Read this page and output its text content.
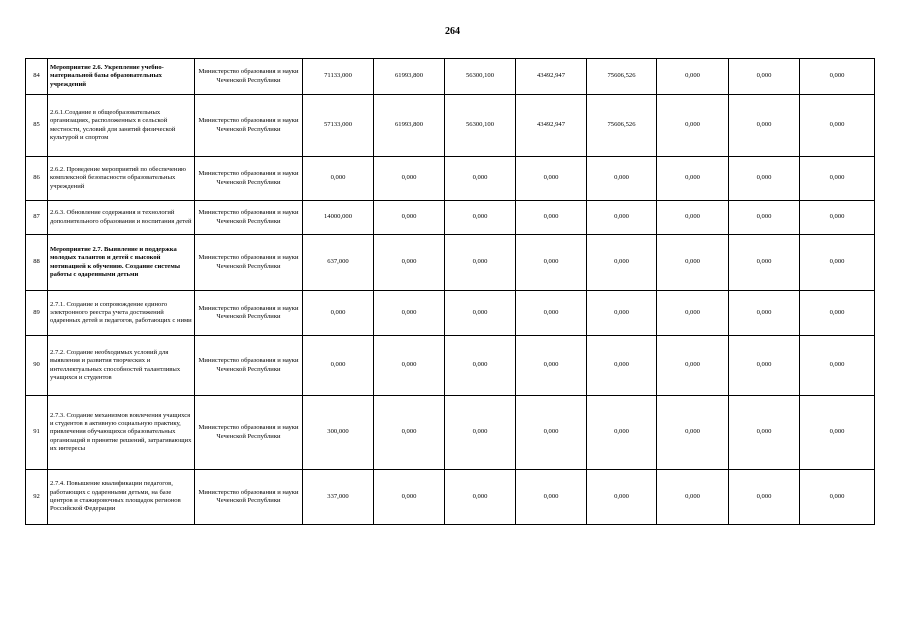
264
84	Мероприятие 2.6. Укрепление учебно-материальной базы образовательных учреждений	Министерство образования и науки Чеченской Республики	71133,000	61993,800	56300,100	43492,947	75606,526	0,000	0,000	0,000
85	2.6.1.Создание в общеобразовательных организациях, расположенных в сельской местности, условий для занятий физической культурой и спортом	Министерство образования и науки Чеченской Республики	57133,000	61993,800	56300,100	43492,947	75606,526	0,000	0,000	0,000
86	2.6.2. Проведение мероприятий по обеспечению комплексной безопасности образовательных учреждений	Министерство образования и науки Чеченской Республики	0,000	0,000	0,000	0,000	0,000	0,000	0,000	0,000
87	2.6.3. Обновление содержания и технологий дополнительного образования и воспитания детей	Министерство образования и науки Чеченской Республики	14000,000	0,000	0,000	0,000	0,000	0,000	0,000	0,000
88	Мероприятие 2.7. Выявление и поддержка молодых талантов и детей с высокой мотивацией к обучению. Создание системы работы с одаренными детьми	Министерство образования и науки Чеченской Республики	637,000	0,000	0,000	0,000	0,000	0,000	0,000	0,000
89	2.7.1. Создание и сопровождение единого электронного реестра учета достижений одаренных детей и педагогов, работающих с ними	Министерство образования и науки Чеченской Республики	0,000	0,000	0,000	0,000	0,000	0,000	0,000	0,000
90	2.7.2. Создание необходимых условий для выявления и развития творческих и интеллектуальных способностей талантливых учащихся и студентов	Министерство образования и науки Чеченской Республики	0,000	0,000	0,000	0,000	0,000	0,000	0,000	0,000
91	2.7.3. Создание механизмов вовлечения учащихся и студентов в активную социальную практику, привлечения обучающихся образовательных организаций в принятие решений, затрагивающих их интересы	Министерство образования и науки Чеченской Республики	300,000	0,000	0,000	0,000	0,000	0,000	0,000	0,000
92	2.7.4. Повышение квалификации педагогов, работающих с одаренными детьми, на базе центров и стажировочных площадок регионов Российской Федерации	Министерство образования и науки Чеченской Республики	337,000	0,000	0,000	0,000	0,000	0,000	0,000	0,000
